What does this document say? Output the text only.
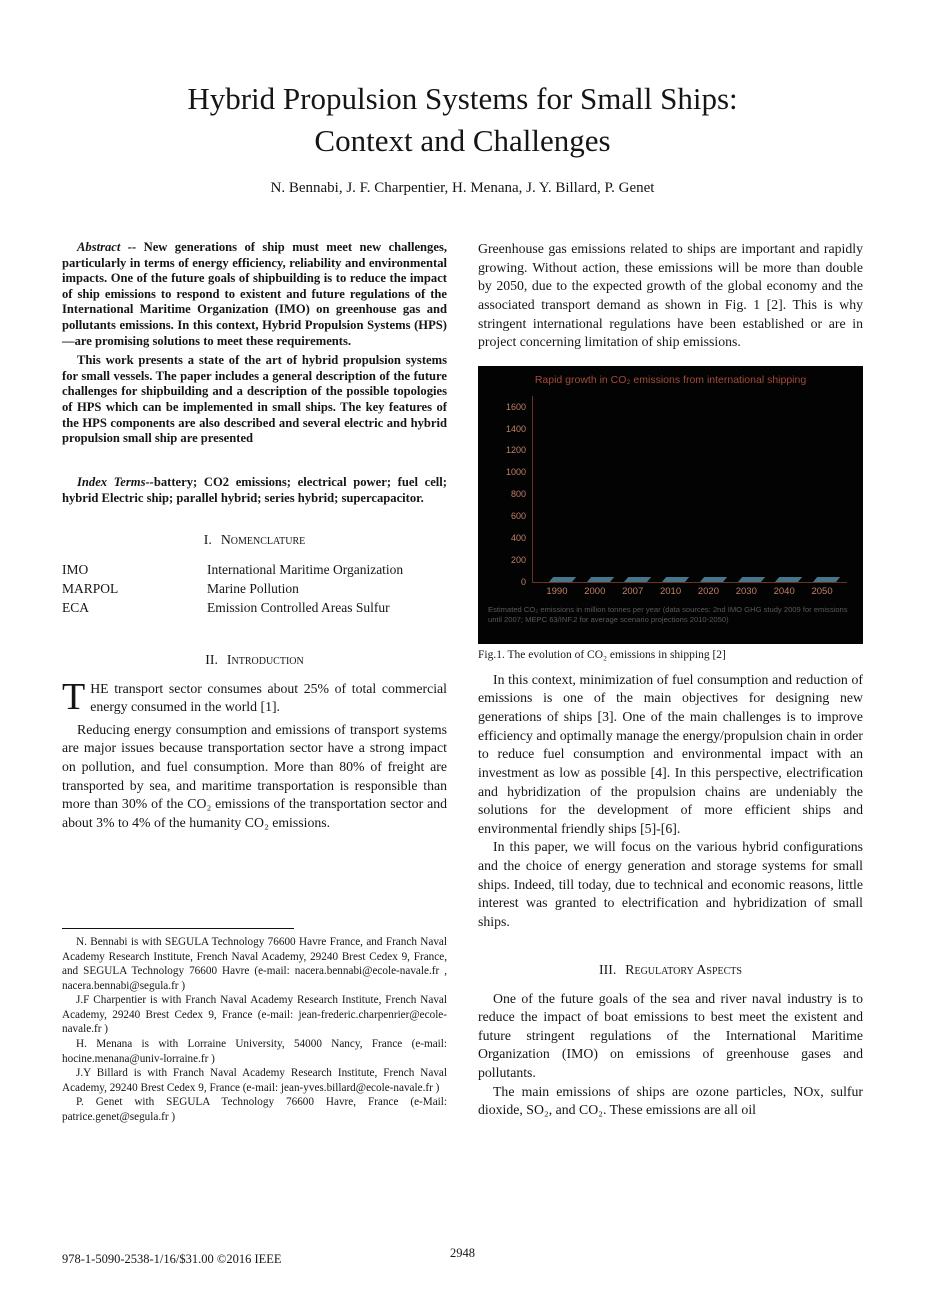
Hybrid Propulsion Systems for Small Ships:
Context and Challenges
N. Bennabi, J. F. Charpentier, H. Menana, J. Y. Billard, P. Genet

Abstract -- New generations of ship must meet new challenges, particularly in terms of energy efficiency, reliability and environmental impacts. One of the future goals of shipbuilding is to reduce the impact of ship emissions to respond to existent and future regulations of the International Maritime Organization (IMO) on greenhouse gas and pollutants emissions. In this context, Hybrid Propulsion Systems (HPS)—are promising solutions to meet these requirements.

This work presents a state of the art of hybrid propulsion systems for small vessels. The paper includes a general description of the future challenges for shipbuilding and a description of the possible topologies of HPS which can be implemented in small ships. The key features of the HPS components are also described and several electric and hybrid propulsion small ship are presented

Index Terms--battery; CO2 emissions; electrical power; fuel cell; hybrid Electric ship; parallel hybrid; series hybrid; supercapacitor.

I. Nomenclature
IMO	International Maritime Organization
MARPOL	Marine Pollution
ECA	Emission Controlled Areas Sulfur
II. Introduction

THE transport sector consumes about 25% of total commercial energy consumed in the world [1].

Reducing energy consumption and emissions of transport systems are major issues because transportation sector have a strong impact on pollution, and fuel consumption. More than 80% of freight are transported by sea, and maritime transportation is responsible than more than 30% of the CO₂ emissions of the transportation sector and about 3% to 4% of the humanity CO₂ emissions.

N. Bennabi is with SEGULA Technology 76600 Havre France, and Franch Naval Academy Research Institute, French Naval Academy, 29240 Brest Cedex 9, France, and SEGULA Technology 76600 Havre (e-mail: nacera.bennabi@ecole-navale.fr , nacera.bennabi@segula.fr )

J.F Charpentier is with Franch Naval Academy Research Institute, French Naval Academy, 29240 Brest Cedex 9, France (e-mail: jean-frederic.charpenrier@ecole-navale.fr )

H. Menana is with Lorraine University, 54000 Nancy, France (e-mail: hocine.menana@univ-lorraine.fr )

J.Y Billard is with Franch Naval Academy Research Institute, French Naval Academy, 29240 Brest Cedex 9, France (e-mail: jean-yves.billard@ecole-navale.fr )

P. Genet with SEGULA Technology 76600 Havre, France (e-Mail: patrice.genet@segula.fr )

Greenhouse gas emissions related to ships are important and rapidly growing. Without action, these emissions will be more than double by 2050, due to the expected growth of the global economy and the associated transport demand as shown in Fig. 1 [2]. This is why stringent international regulations have been established or are in project concerning limitation of ship emissions.

Rapid growth in CO₂ emissions from international shipping
0
200
400
600
800
1000
1200
1400
1600
1990	2000	2007	2010	2020	2030	2040	2050
Estimated CO₂ emissions in million tonnes per year (data sources: 2nd IMO GHG study 2009 for emissions until 2007; MEPC 63/INF.2 for average scenario projections 2010-2050)
Fig.1. The evolution of CO₂ emissions in shipping [2]

In this context, minimization of fuel consumption and reduction of emissions is one of the main objectives for designing new generations of ships [3]. One of the main challenges is to improve efficiency and optimally manage the energy/propulsion chain in order to reduce fuel consumption and environmental impact with an investment as low as possible [4]. In this perspective, electrification and hybridization of the propulsion chains are undeniably the solutions for the development of more efficient ships and environmental friendly ships [5]-[6].

In this paper, we will focus on the various hybrid configurations and the choice of energy generation and storage systems for small ships. Indeed, till today, due to technical and economic reasons, little interest was granted to electrification and hybridization of small ships.

III. Regulatory Aspects

One of the future goals of the sea and river naval industry is to reduce the impact of boat emissions to best meet the existent and future stringent regulations of the International Maritime Organization (IMO) on emissions of greenhouse gases and pollutants.

The main emissions of ships are ozone particles, NOx, sulfur dioxide, SO₂, and CO₂. These emissions are all oil

978-1-5090-2538-1/16/$31.00 ©2016 IEEE	2948
